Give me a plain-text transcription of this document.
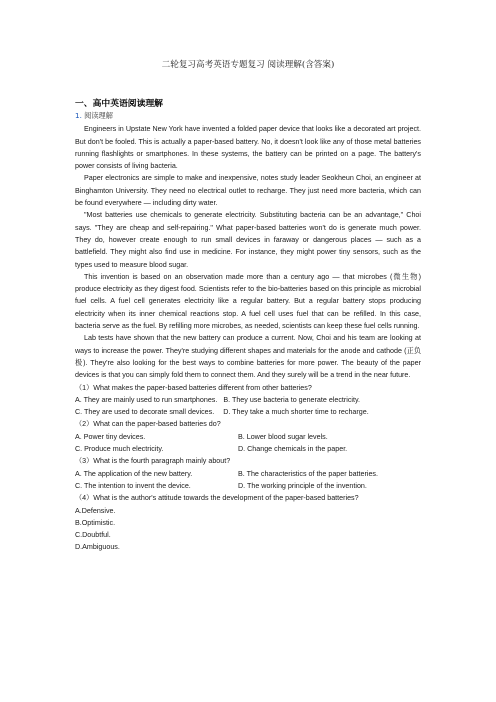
二轮复习高考英语专题复习 阅读理解(含答案)
一、高中英语阅读理解
1. 阅读理解

Engineers in Upstate New York have invented a folded paper device that looks like a decorated art project. But don't be fooled. This is actually a paper-based battery. No, it doesn't look like any of those metal batteries running flashlights or smartphones. In these systems, the battery can be printed on a page. The battery's power consists of living bacteria.

Paper electronics are simple to make and inexpensive, notes study leader Seokheun Choi, an engineer at Binghamton University. They need no electrical outlet to recharge. They just need more bacteria, which can be found everywhere — including dirty water.

"Most batteries use chemicals to generate electricity. Substituting bacteria can be an advantage," Choi says. "They are cheap and self-repairing." What paper-based batteries won't do is generate much power. They do, however create enough to run small devices in faraway or dangerous places — such as a battlefield. They might also find use in medicine. For instance, they might power tiny sensors, such as the types used to measure blood sugar.

This invention is based on an observation made more than a century ago — that microbes (微生物) produce electricity as they digest food. Scientists refer to the bio-batteries based on this principle as microbial fuel cells. A fuel cell generates electricity like a regular battery. But a regular battery stops producing electricity when its inner chemical reactions stop. A fuel cell uses fuel that can be refilled. In this case, bacteria serve as the fuel. By refilling more microbes, as needed, scientists can keep these fuel cells running.

Lab tests have shown that the new battery can produce a current. Now, Choi and his team are looking at ways to increase the power. They're studying different shapes and materials for the anode and cathode (正负极). They're also looking for the best ways to combine batteries for more power. The beauty of the paper devices is that you can simply fold them to connect them. And they surely will be a trend in the near future.

（1）What makes the paper-based batteries different from other batteries?
A. They are mainly used to run smartphones. B. They use bacteria to generate electricity.
C. They are used to decorate small devices. D. They take a much shorter time to recharge.
（2）What can the paper-based batteries do?
A. Power tiny devices.	B. Lower blood sugar levels.
C. Produce much electricity.	D. Change chemicals in the paper.
（3）What is the fourth paragraph mainly about?
A. The application of the new battery.	B. The characteristics of the paper batteries.
C. The intention to invent the device.	D. The working principle of the invention.
（4）What is the author's attitude towards the development of the paper-based batteries?
A.Defensive.
B.Optimistic.
C.Doubtful.
D.Ambiguous.
